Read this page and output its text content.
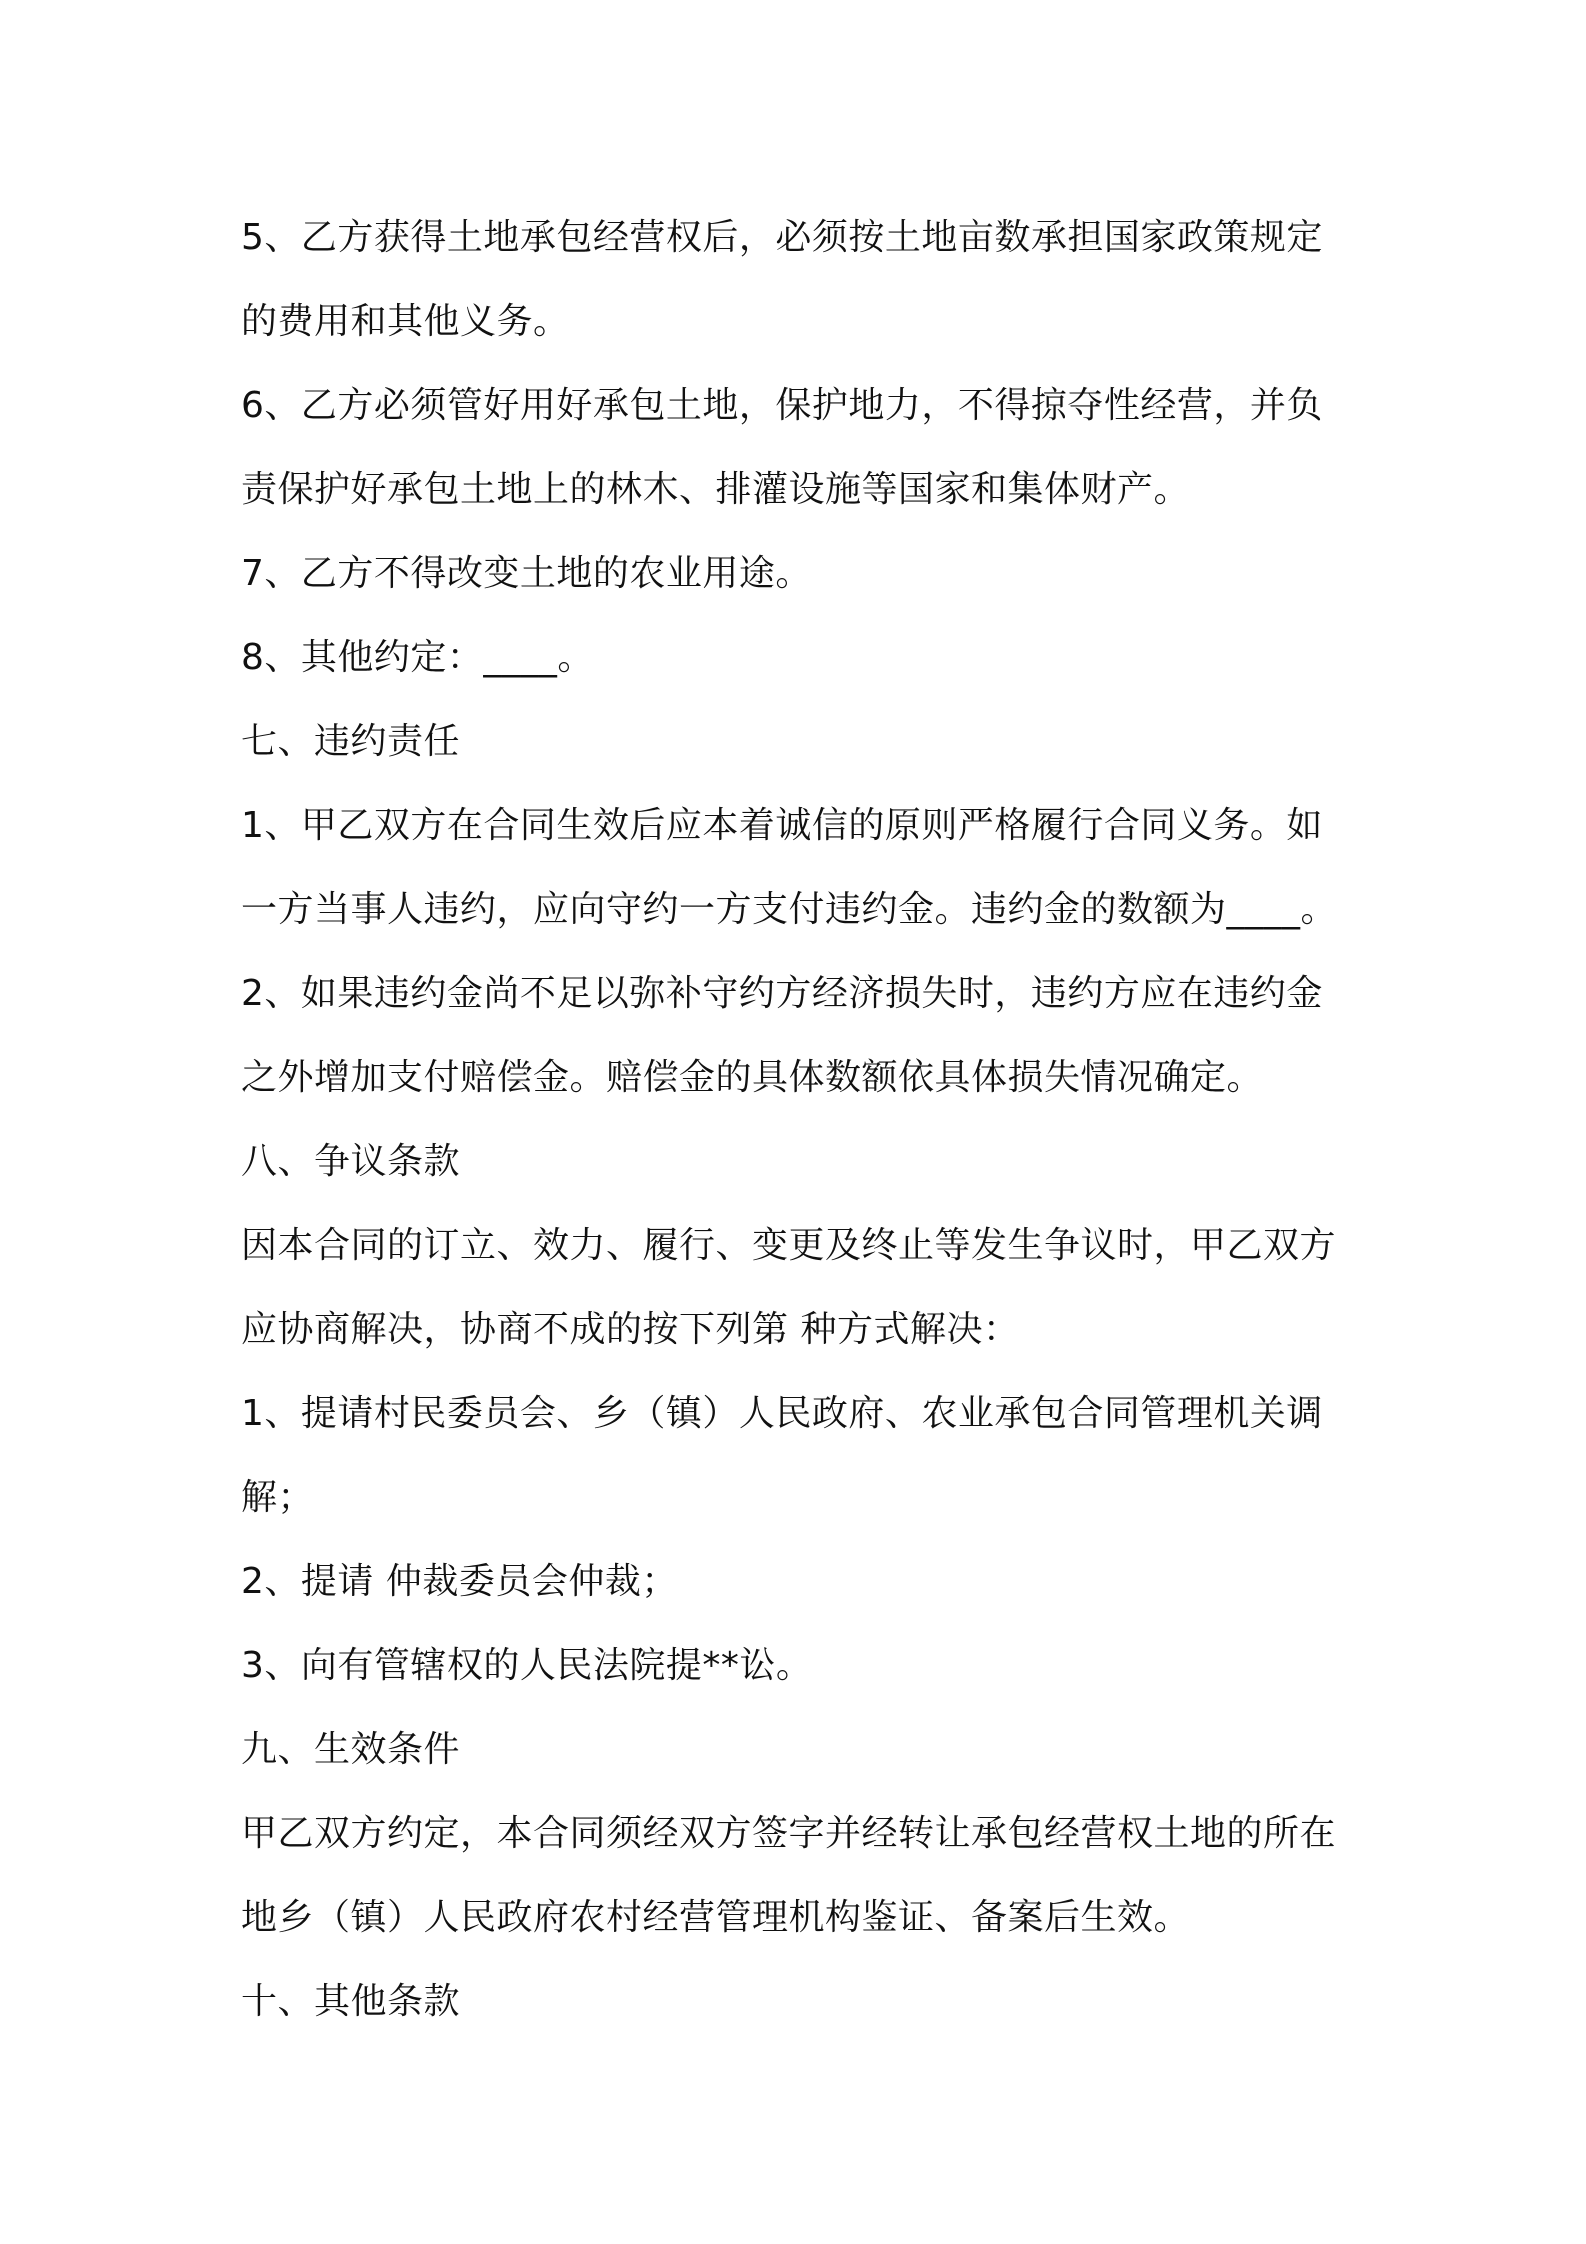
5、乙方获得土地承包经营权后，必须按土地亩数承担国家政策规定
的费用和其他义务。
6、乙方必须管好用好承包土地，保护地力，不得掠夺性经营，并负
责保护好承包土地上的林木、排灌设施等国家和集体财产。
7、乙方不得改变土地的农业用途。
8、其他约定：____。
七、违约责任
1、甲乙双方在合同生效后应本着诚信的原则严格履行合同义务。如
一方当事人违约，应向守约一方支付违约金。违约金的数额为____。
2、如果违约金尚不足以弥补守约方经济损失时，违约方应在违约金
之外增加支付赔偿金。赔偿金的具体数额依具体损失情况确定。
八、争议条款
因本合同的订立、效力、履行、变更及终止等发生争议时，甲乙双方
应协商解决，协商不成的按下列第 种方式解决：
1、提请村民委员会、乡（镇）人民政府、农业承包合同管理机关调
解；
2、提请 仲裁委员会仲裁；
3、向有管辖权的人民法院提**讼。
九、生效条件
甲乙双方约定，本合同须经双方签字并经转让承包经营权土地的所在
地乡（镇）人民政府农村经营管理机构鉴证、备案后生效。
十、其他条款
